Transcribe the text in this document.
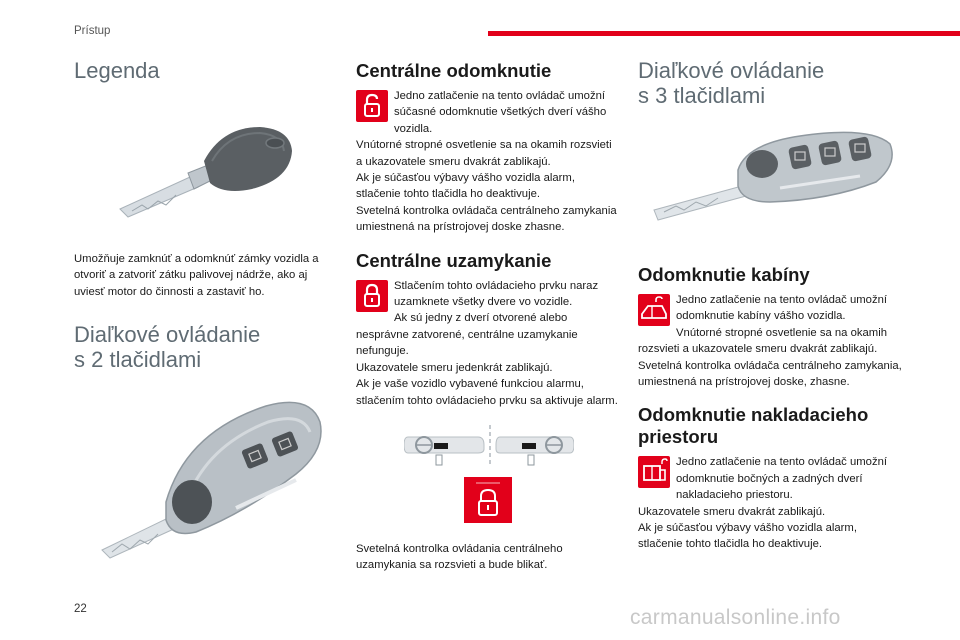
Prístup
Legenda
Umožňuje zamknúť a odomknúť zámky vozidla a otvoriť a zatvoriť zátku palivovej nádrže, ako aj uviesť motor do činnosti a zastaviť ho.
Diaľkové ovládanie
s 2 tlačidlami
Centrálne odomknutie
Jedno zatlačenie na tento ovládač umožní súčasné odomknutie všetkých dverí vášho vozidla.
Vnútorné stropné osvetlenie sa na okamih rozsvieti a ukazovatele smeru dvakrát zablikajú.
Ak je súčasťou výbavy vášho vozidla alarm, stlačenie tohto tlačidla ho deaktivuje.
Svetelná kontrolka ovládača centrálneho zamykania umiestnená na prístrojovej doske zhasne.
Centrálne uzamykanie
Stlačením tohto ovládacieho prvku naraz uzamknete všetky dvere vo vozidle.
Ak sú jedny z dverí otvorené alebo nesprávne zatvorené, centrálne uzamykanie nefunguje.
Ukazovatele smeru jedenkrát zablikajú.
Ak je vaše vozidlo vybavené funkciou alarmu, stlačením tohto ovládacieho prvku sa aktivuje alarm.
Svetelná kontrolka ovládania centrálneho uzamykania sa rozsvieti a bude blikať.
Diaľkové ovládanie
s 3 tlačidlami
Odomknutie kabíny
Jedno zatlačenie na tento ovládač umožní odomknutie kabíny vášho vozidla.
Vnútorné stropné osvetlenie sa na okamih rozsvieti a ukazovatele smeru dvakrát zablikajú.
Svetelná kontrolka ovládača centrálneho zamykania, umiestnená na prístrojovej doske, zhasne.
Odomknutie nakladacieho
priestoru
Jedno zatlačenie na tento ovládač umožní odomknutie bočných a zadných dverí nakladacieho priestoru.
Ukazovatele smeru dvakrát zablikajú.
Ak je súčasťou výbavy vášho vozidla alarm, stlačenie tohto tlačidla ho deaktivuje.
22	carmanualsonline.info
